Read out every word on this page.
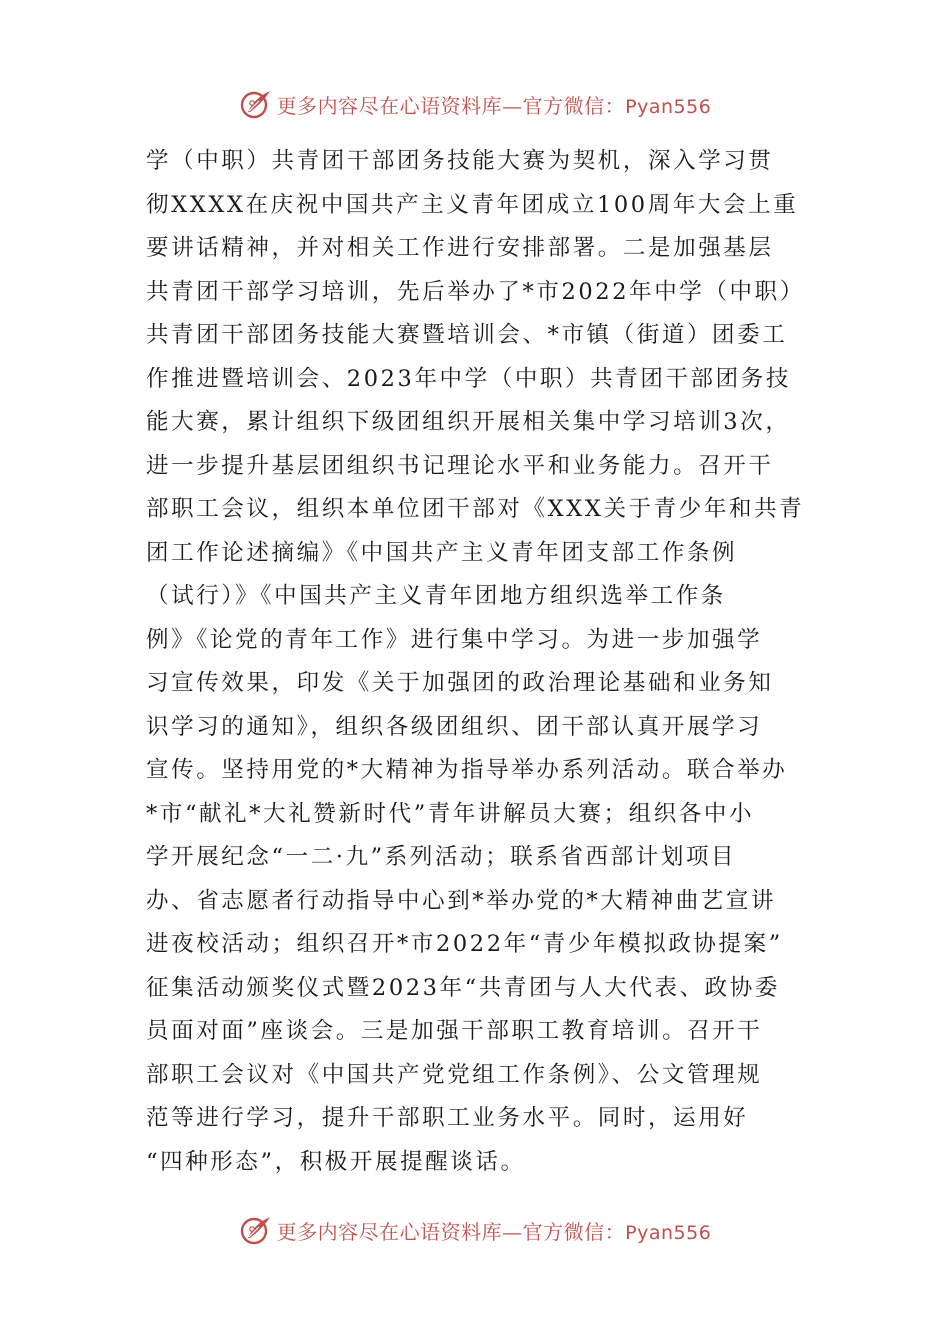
更多内容尽在心语资料库—官方微信：Pyan556
学（中职）共青团干部团务技能大赛为契机，深入学习贯
彻XXXX在庆祝中国共产主义青年团成立100周年大会上重
要讲话精神，并对相关工作进行安排部署。二是加强基层
共青团干部学习培训，先后举办了*市2022年中学（中职）
共青团干部团务技能大赛暨培训会、*市镇（街道）团委工
作推进暨培训会、2023年中学（中职）共青团干部团务技
能大赛，累计组织下级团组织开展相关集中学习培训3次，
进一步提升基层团组织书记理论水平和业务能力。召开干
部职工会议，组织本单位团干部对《XXX关于青少年和共青
团工作论述摘编》《中国共产主义青年团支部工作条例
（试行）》《中国共产主义青年团地方组织选举工作条
例》《论党的青年工作》进行集中学习。为进一步加强学
习宣传效果，印发《关于加强团的政治理论基础和业务知
识学习的通知》，组织各级团组织、团干部认真开展学习
宣传。坚持用党的*大精神为指导举办系列活动。联合举办
*市“献礼*大礼赞新时代”青年讲解员大赛；组织各中小
学开展纪念“一二·九”系列活动；联系省西部计划项目
办、省志愿者行动指导中心到*举办党的*大精神曲艺宣讲
进夜校活动；组织召开*市2022年“青少年模拟政协提案”
征集活动颁奖仪式暨2023年“共青团与人大代表、政协委
员面对面”座谈会。三是加强干部职工教育培训。召开干
部职工会议对《中国共产党党组工作条例》、公文管理规
范等进行学习，提升干部职工业务水平。同时，运用好
“四种形态”，积极开展提醒谈话。
更多内容尽在心语资料库—官方微信：Pyan556
